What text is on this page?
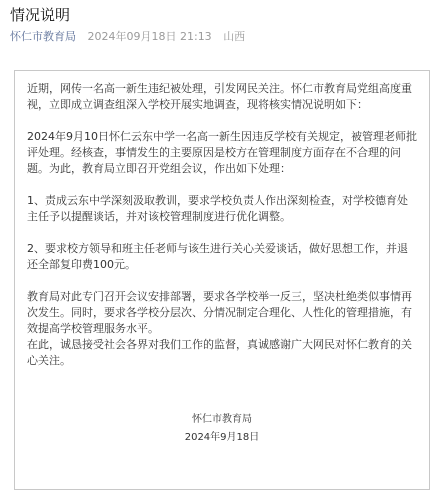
情况说明
怀仁市教育局 2024年09月18日 21:13 山西

近期，网传一名高一新生违纪被处理，引发网民关注。怀仁市教育局党组高度重视，立即成立调查组深入学校开展实地调查，现将核实情况说明如下：

2024年9月10日怀仁云东中学一名高一新生因违反学校有关规定，被管理老师批评处理。经核查，事情发生的主要原因是校方在管理制度方面存在不合理的问题。为此，教育局立即召开党组会议，作出如下处理：

1、责成云东中学深刻汲取教训，要求学校负责人作出深刻检查，对学校德育处主任予以提醒谈话，并对该校管理制度进行优化调整。

2、要求校方领导和班主任老师与该生进行关心关爱谈话，做好思想工作，并退还全部复印费100元。

教育局对此专门召开会议安排部署，要求各学校举一反三，坚决杜绝类似事情再次发生。同时，要求各学校分层次、分情况制定合理化、人性化的管理措施，有效提高学校管理服务水平。

在此，诚恳接受社会各界对我们工作的监督，真诚感谢广大网民对怀仁教育的关心关注。

怀仁市教育局
2024年9月18日
